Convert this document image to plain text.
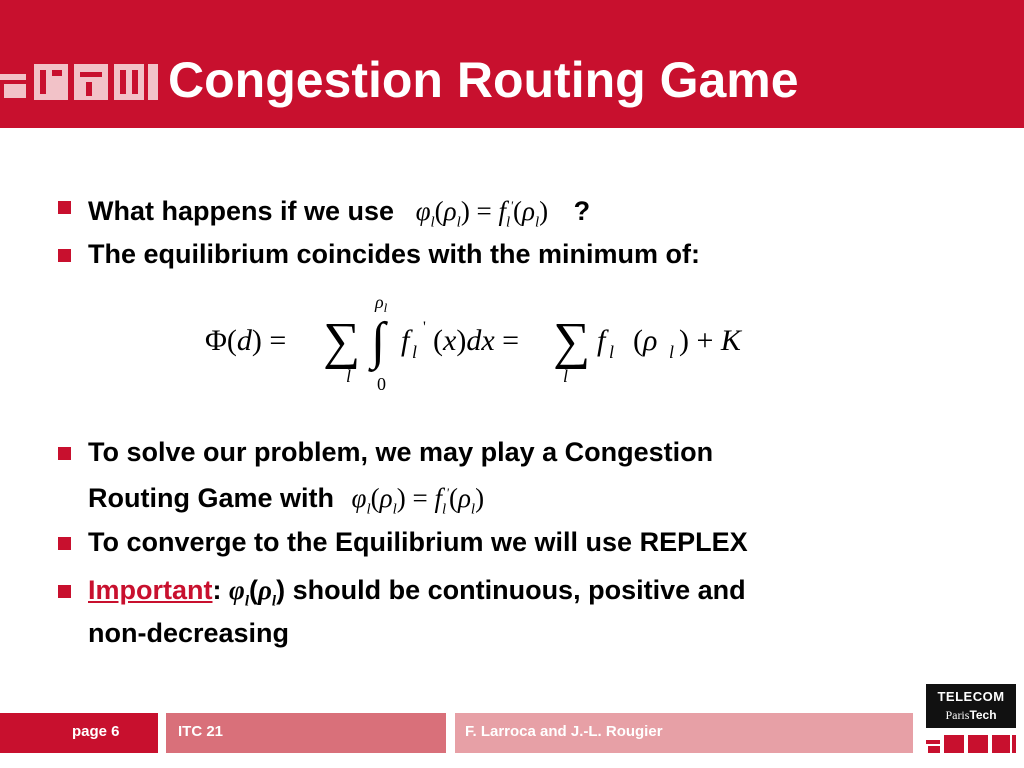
Congestion Routing Game
What happens if we use $\varphi_l(\rho_l) = f_l'(\rho_l)$ ?
The equilibrium coincides with the minimum of:
Φ(d) = ∑
l
∫
$\rho_l$
0
f l
' (x)dx = ∑
l
f l (ρ l ) + K
To solve our problem, we may play a Congestion
Routing Game with $\varphi_l(\rho_l) = f_l'(\rho_l)$
To converge to the Equilibrium we will use REPLEX
Important: $\varphi_l(\rho_l)$ should be continuous, positive and
non-decreasing
page 6	ITC 21	F. Larroca and J.-L. Rougier
TELECOM
ParisTech
